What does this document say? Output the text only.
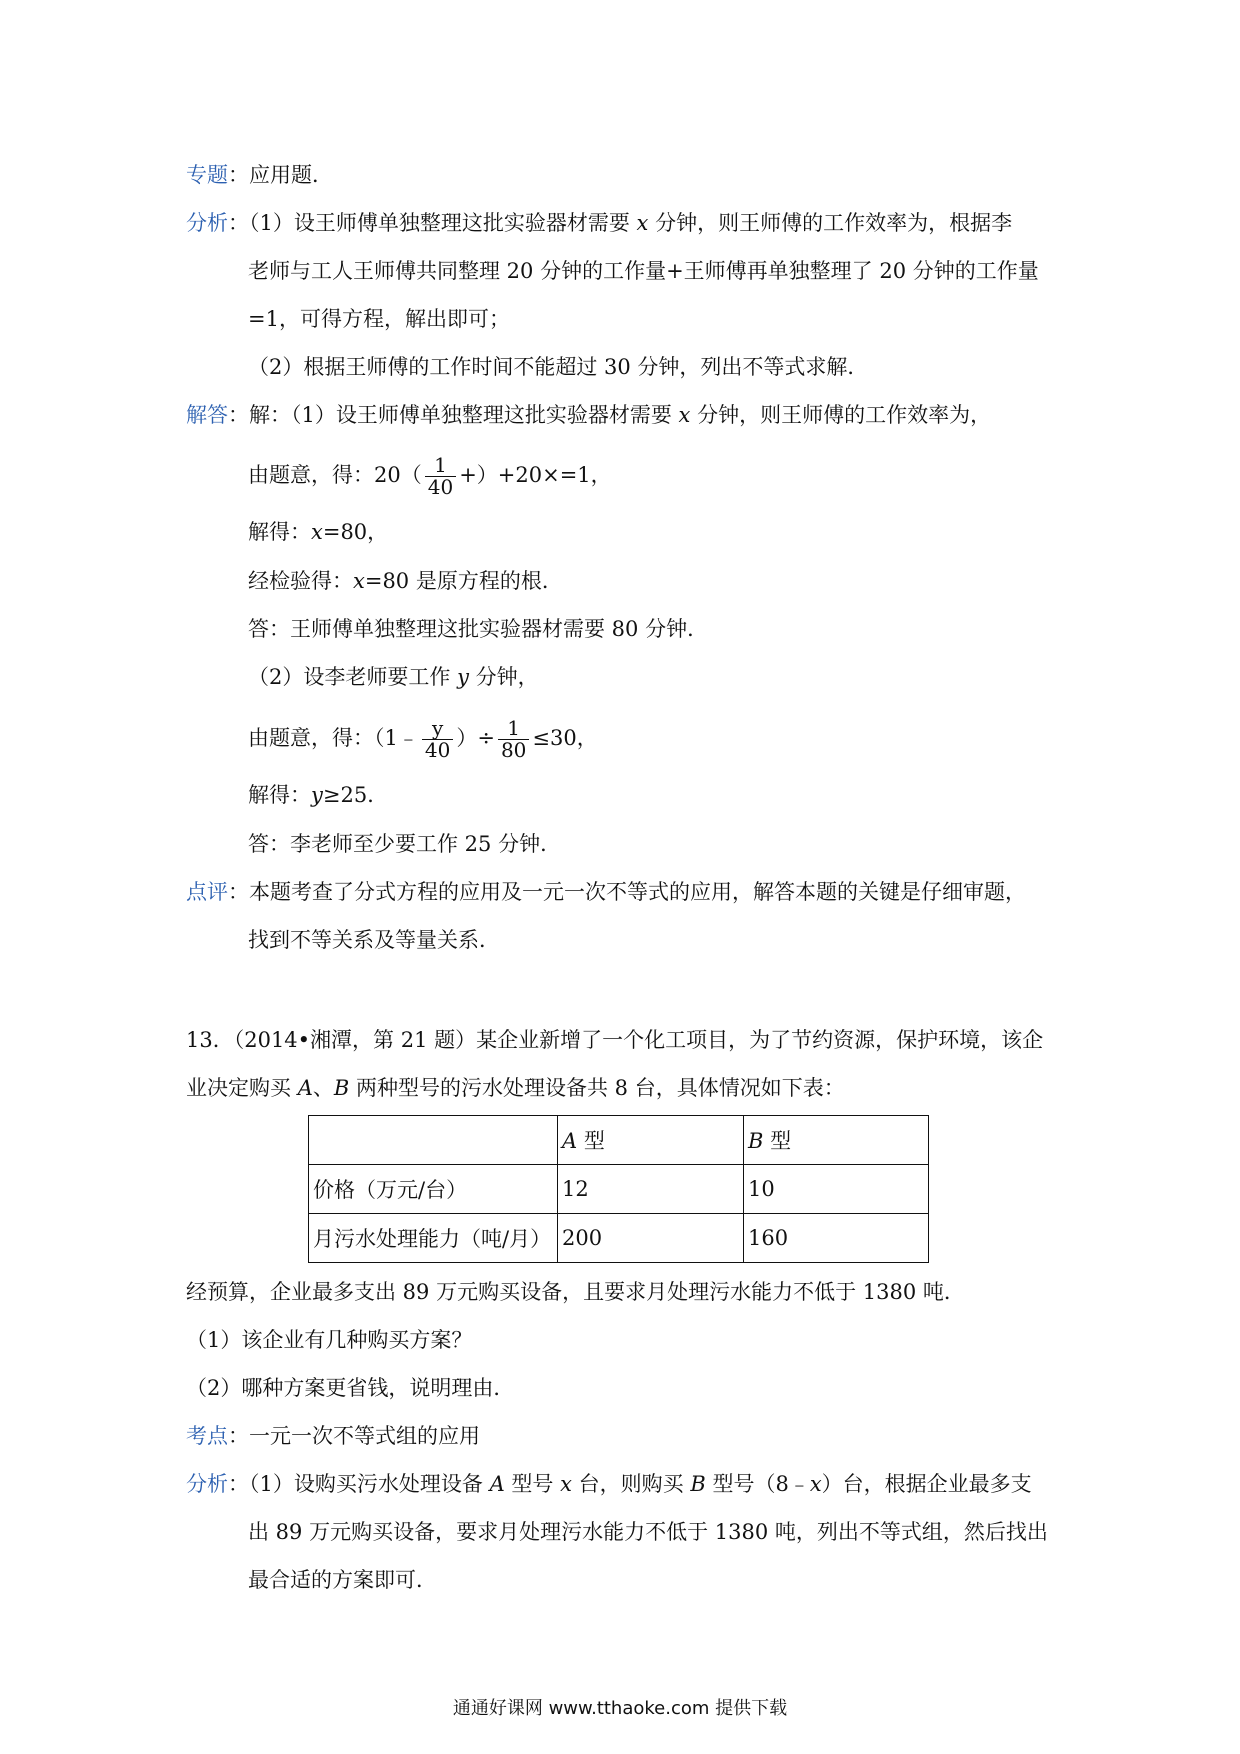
专题：应用题．
分析：（1）设王师傅单独整理这批实验器材需要 x 分钟，则王师傅的工作效率为，根据李
老师与工人王师傅共同整理 20 分钟的工作量+王师傅再单独整理了 20 分钟的工作量
=1，可得方程，解出即可；
（2）根据王师傅的工作时间不能超过 30 分钟，列出不等式求解．
解答：解：（1）设王师傅单独整理这批实验器材需要 x 分钟，则王师傅的工作效率为，
由题意，得：$20( \frac{1}{40} +)+20\times=1$，
解得：x=80，
经检验得：x=80 是原方程的根．
答：王师傅单独整理这批实验器材需要 80 分钟．
（2）设李老师要工作 y 分钟，
由题意，得：（1﹣ $\frac{y}{40}$ ）÷ $\frac{1}{80} \le 30$，
解得：y≥25．
答：李老师至少要工作 25 分钟．
点评：本题考查了分式方程的应用及一元一次不等式的应用，解答本题的关键是仔细审题，
找到不等关系及等量关系．
13．（2014•湘潭，第 21 题）某企业新增了一个化工项目，为了节约资源，保护环境，该企
业决定购买 A、B 两种型号的污水处理设备共 8 台，具体情况如下表：
	A 型	B 型
价格（万元/台）	12	10
月污水处理能力（吨/月）	200	160
经预算，企业最多支出 89 万元购买设备，且要求月处理污水能力不低于 1380 吨．
（1）该企业有几种购买方案？
（2）哪种方案更省钱，说明理由．
考点：一元一次不等式组的应用
分析：（1）设购买污水处理设备 A 型号 x 台，则购买 B 型号（8﹣x）台，根据企业最多支
出 89 万元购买设备，要求月处理污水能力不低于 1380 吨，列出不等式组，然后找出
最合适的方案即可．
通通好课网 www.tthaoke.com 提供下载
